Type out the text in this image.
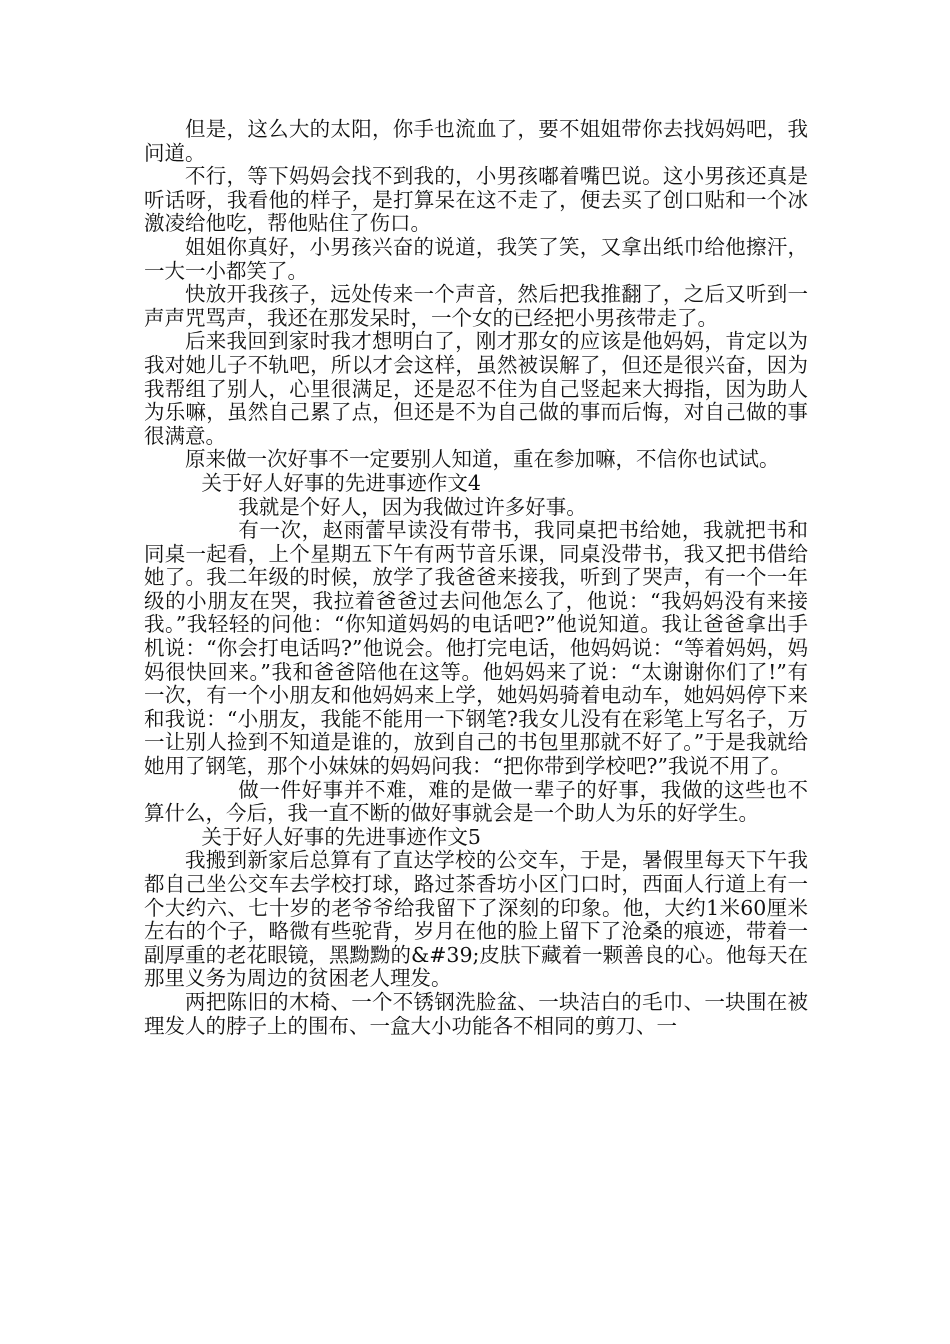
但是，这么大的太阳，你手也流血了，要不姐姐带你去找妈妈吧，我问道。

不行，等下妈妈会找不到我的，小男孩嘟着嘴巴说。这小男孩还真是听话呀，我看他的样子，是打算呆在这不走了，便去买了创口贴和一个冰激凌给他吃，帮他贴住了伤口。

姐姐你真好，小男孩兴奋的说道，我笑了笑，又拿出纸巾给他擦汗，一大一小都笑了。

快放开我孩子，远处传来一个声音，然后把我推翻了，之后又听到一声声咒骂声，我还在那发呆时，一个女的已经把小男孩带走了。

后来我回到家时我才想明白了，刚才那女的应该是他妈妈，肯定以为我对她儿子不轨吧，所以才会这样，虽然被误解了，但还是很兴奋，因为我帮组了别人，心里很满足，还是忍不住为自己竖起来大拇指，因为助人为乐嘛，虽然自己累了点，但还是不为自己做的事而后悔，对自己做的事很满意。

原来做一次好事不一定要别人知道，重在参加嘛，不信你也试试。

关于好人好事的先进事迹作文4

我就是个好人，因为我做过许多好事。

有一次，赵雨蕾早读没有带书，我同桌把书给她，我就把书和同桌一起看，上个星期五下午有两节音乐课，同桌没带书，我又把书借给她了。我二年级的时候，放学了我爸爸来接我，听到了哭声，有一个一年级的小朋友在哭，我拉着爸爸过去问他怎么了，他说：“我妈妈没有来接我。”我轻轻的问他：“你知道妈妈的电话吧?”他说知道。我让爸爸拿出手机说：“你会打电话吗?”他说会。他打完电话，他妈妈说：“等着妈妈，妈妈很快回来。”我和爸爸陪他在这等。他妈妈来了说：“太谢谢你们了!”有一次，有一个小朋友和他妈妈来上学，她妈妈骑着电动车，她妈妈停下来和我说：“小朋友，我能不能用一下钢笔?我女儿没有在彩笔上写名子，万一让别人捡到不知道是谁的，放到自己的书包里那就不好了。”于是我就给她用了钢笔，那个小妹妹的妈妈问我：“把你带到学校吧?”我说不用了。

做一件好事并不难，难的是做一辈子的好事，我做的这些也不算什么，今后，我一直不断的做好事就会是一个助人为乐的好学生。

关于好人好事的先进事迹作文5

我搬到新家后总算有了直达学校的公交车，于是，暑假里每天下午我都自己坐公交车去学校打球，路过茶香坊小区门口时，西面人行道上有一个大约六、七十岁的老爷爷给我留下了深刻的印象。他，大约1米60厘米左右的个子，略微有些驼背，岁月在他的脸上留下了沧桑的痕迹，带着一副厚重的老花眼镜，黑黝黝的&#39;皮肤下藏着一颗善良的心。他每天在那里义务为周边的贫困老人理发。

两把陈旧的木椅、一个不锈钢洗脸盆、一块洁白的毛巾、一块围在被理发人的脖子上的围布、一盒大小功能各不相同的剪刀、一
